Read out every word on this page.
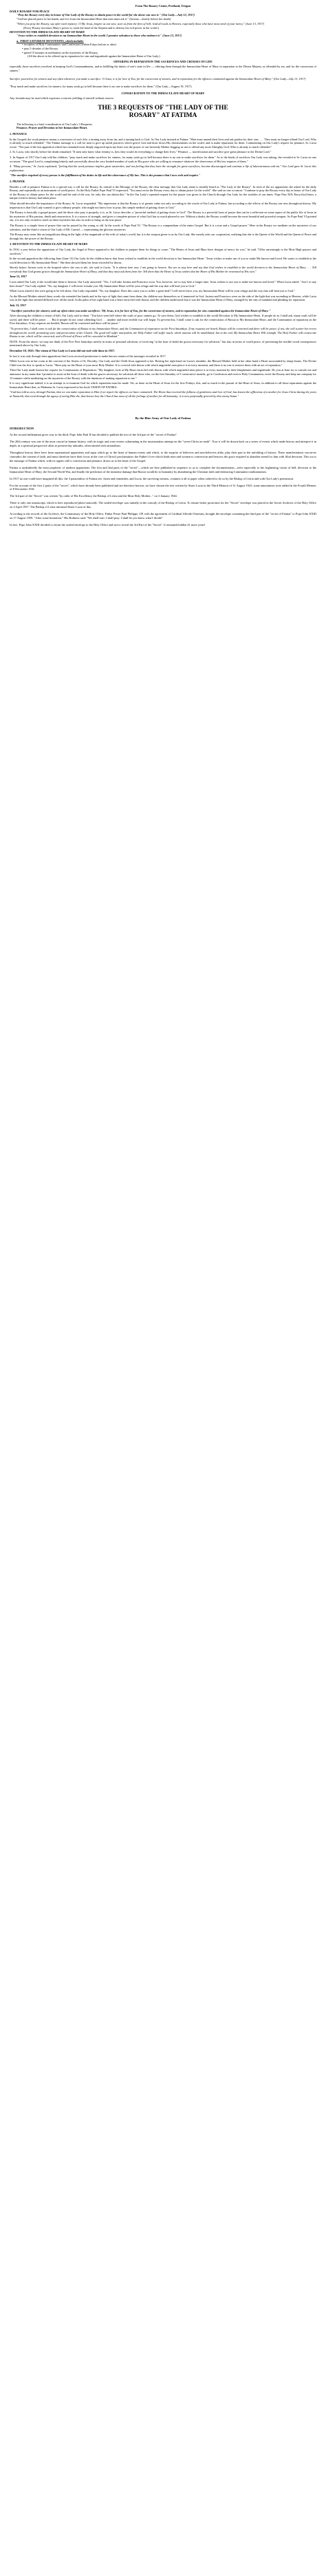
From The Rosary Center, Portland, Oregon
DAILY ROSARY FOR PEACE
"Pray the Rosary every day in honor of Our Lady of the Rosary to obtain peace in the world for she alone can save it." (Our Lady—July 13, 1917)
"God has placed peace in her hands, and it is from the Immaculate Heart that men must ask it." (Jacinta—shortly before her death)
"When you pray the Rosary, say after each mystery: O My Jesus, forgive us our sins; save us from the fires of hell; lead all souls to Heaven, especially those who have most need of your mercy." (June 13, 1917)
(Every Rosary increases Mary's power to crush the head of the Serpent and to destroy his evil power in the world.)
DEVOTION TO THE IMMACULATE HEART OF MARY
"Jesus wishes to establish devotion to my Immaculate Heart in the world. I promise salvation to those who embrace it." (June 13, 1917)
a.  FIRST SATURDAY DEVOTIONS, which include:
• reception of Holy Communion; and Confession (within 8 days before or after)
• pray 5 decades of the Rosary
• spend 15 minutes in meditation on the mysteries of the Rosary,
(All the above to be offered up in reparation for sins and ingratitude against the Immaculate Heart of Our Lady.)
OFFERING IN REPARATION THE SACRIFICES AND CROSSES OF LIFE
especially those sacrifices involved in keeping God's Commandments, and in fulfilling the duties of one's state in life — offering them through the Immaculate Heart of Mary in reparation to the Divine Majesty as offended by sin, and for the conversion of sinners."
Sacrifice yourselves for sinners and say often whenever you make a sacrifice: O Jesus, it is for love of You, for the conversion of sinners, and in reparation for the offences committed against the Immaculate Heart of Mary." (Our Lady—July 13, 1917)
"Pray much and make sacrifices for sinners; for many souls go to hell because there is no one to make sacrifices for them." (Our Lady—August 19, 1917)
CONSECRATION TO THE IMMACULATE HEART OF MARY
Any formula may be used which expresses a sincere yielding of oneself without reserve.
THE 3 REQUESTS OF "THE LADY OF THE
ROSARY" AT FATIMA
The following is a brief consideration of Our Lady's 3 Requests:
Penance, Prayer and Devotion to her Immaculate Heart.
1. PENANCE
In the Gospels the word penance means a conversion of one's life, a turning away from sin, and a turning back to God. As Our Lady insisted at Fatima: "Men must amend their lives and ask pardon for their sins. . . . They must no longer offend Our Lord, Who is already so much offended." The Fatima message is a call for men to give up sinful practices which grieve God and draw down His chastisements on the world, and to make reparation for them. Commenting on Our Lady's request for penance, Sr. Lucia wrote: "The part of the last apparition which has remained most deeply engraved upon my heart was the prayer of our heavenly Mother begging us not to offend any more Almighty God, Who is already so much offended."
2. Sr. Lucia, who shortly before her death remarked: "If men only knew what eternity is, how they would do everything to change their lives." Penance — mortification and sacrifice give great pleasure to the Divine Lord."
3. In August of 1917 Our Lady told the children, "pray much and make sacrifices for sinners, for many souls go to hell because there is no one to make sacrifices for them." As to the kinds of sacrifices Our Lady was asking, she revealed to Sr. Lucia on one occasion: "The good Lord is complaining bitterly and sorrowfully about the very limited number of souls in His grace who are willing to renounce whatever the observance of His law requires of them."
4. "Many persons," Sr. Lucia explained, "feeling that the word penance implies great austerities, and not feeling that they have the strength for great sacrifices, become discouraged and continue a life of lukewarmness and sin." Our Lord gave Sr. Lucia this explanation:
"The sacrifice required of every person is the fulfillment of his duties in life and the observance of My law. This is the penance that I now seek and require."
2. PRAYER
Besides a call to penance Fatima is in a special way a call for the Rosary. Its central is the Message of the Rosary, the clear message that Our Lady alone is steadily heard as "The Lady of the Rosary". In each of the six apparitions she asked for the daily Rosary, and repeatedly as an instrument of world peace. As the Holy Father Pope Paul VI expressed, "You must recite the Rosary every day to obtain peace for the world". She said on one occasion: "Continue to pray the Rosary every day in honor of Our Lady of the Rosary to obtain peace for the world and the end of the war, for only she can obtain this." In the Our Lady's repeated request for the prayer was given to the Church through Our Lady for the troubles of our times. Pope Pius XII's Encyclical letter, a unique event in history had taken place.
What should describe the importance of the Rosary, Sr. Lucia responded: "My impression is that the Rosary is of greater value not only according to the words of Our Lady at Fatima, but according to the effects of the Rosary one sees throughout history. My impression is that Our Lady wanted to give ordinary people, who might not know how to pray, this simple method of getting closer to God."
The Rosary is basically a gospel prayer, and the those who pray it properly, it is, as St. Lucia describe, a "powerful method of getting closer to God". The Rosary is a powerful form of prayer that can be a reflection on some aspect of the public life of Jesus in his mysteries of His passion, death and resurrection. It is a source of strength, and gives a complete picture of what God has so much pleased to see. Without a doubt, the Rosary would become the most beautiful and powerful weapon. As Pope Paul VI pointed out, it is not only recited to teach us these mysteries but also in order to bring us the true peace.
The Rosary is a simple form of prayer that can be prayed by the young or old. In the words of Pope Paul VI: "The Rosary is a compendium of the entire Gospel. But it is a true and a Gospel prayer." Here in the Rosary we meditate on the mysteries of our salvation, and the third a vision of Our Lady of Mt. Carmel — representing the glorious mysteries.
The Rosary may seem like an insignificant thing in the light of the magnitude of the evils of today's world, but it is the weapon given to us by Our Lady. She merely asks our cooperation, realizing that she is the Queen of the World and the Queen of Peace and through her, the power of the Rosary.
3. DEVOTION TO THE IMMACULATE HEART OF MARY
In 1916, a year before the apparitions of Our Lady, the Angel of Peace appeared to the children to prepare them for things to come: "The Hearts of Jesus and Mary have designs of mercy for you," he said. "Offer unceasingly to the Most High prayers and sacrifices."
In the second apparition the following June (June 13) Our Lady let the children know that Jesus wished to establish in the world devotion to her Immaculate Heart. "Jesus wishes to make use of you to make Me known and loved. He wants to establish in the world devotion to My Immaculate Heart." She then showed them her heart encircled by thorns.
Shortly before Jacinta went to the hospital where she was to die, she said to Lucia: "It is almost time now. I am going to heaven. You are to stay here and say that God wishes to establish in the world devotion to the Immaculate Heart of Mary . . . Tell everybody that God grants graces through the Immaculate Heart of Mary, and that they must ask them from her. Tell them that the Heart of Jesus wishes that the Heart of His Mother be venerated as His own."
June 13, 1917
Lucia asked Our Lady if she would take them to heaven. Our Lady answered: "Yes. I will take Jacinta and Francisco soon. You, however, are to stay here a longer time. Jesus wishes to use you to make me known and loved." When Lucia asked, "Am I to stay here alone?" Our Lady replied: "No, my daughter. I will never forsake you. My Immaculate Heart will be your refuge and the way that will lead you to God."
When Lucia asked if she were going to be left alone, Our Lady responded: "No, my daughter. Does this cause you to suffer a great deal? I will never leave you, my Immaculate Heart will be your refuge and the way that will lead you to God."
As the Blessed Mother uttered these words she extended her hands and in the rays of light that came from them, the children saw themselves as if immersed in God. Jacinta and Francisco were on the side of the light that was ascending to Heaven, while Lucia was in the light that seemed diffused over all the earth. In the palm of her right hand was a heart encircled with thorns, and the children understood that it was the Immaculate Heart of Mary, outraged by the sins of mankind and pleading for reparation.
July 13, 1917
"Sacrifice yourselves for sinners; and say often when you make sacrifices: 'My Jesus, it is for love of You, for the conversion of sinners, and in reparation for sins committed against the Immaculate Heart of Mary.'"
After showing the children a vision of hell, Our Lady said to them: "You have seen hell where the souls of poor sinners go. To save them, God wishes to establish in the world Devotion to My Immaculate Heart. If people do as I shall ask, many souls will be saved, and there will be peace. . . . But if people do not cease offending God . . . another and more terrible war will begin. To prevent this, I shall come to ask for the consecration of Russia to My Immaculate Heart, and the Communion of reparation on the First Saturdays. If my requests are heeded, Russia will be converted and there will be peace."
"To prevent this, I shall come to ask for the consecration of Russia to my Immaculate Heart, and the Communion of reparation on the First Saturdays. If my requests are heard, Russia will be converted and there will be peace; if not, she will scatter her errors throughout the world, promoting wars and persecution of the Church. The good will suffer martyrdom, the Holy Father will suffer much, whole nations will be annihilated, but in the end, My Immaculate Heart Will triumph. The Holy Father will consecrate Russia to me, which will be converted, and a Period of Peace will be conceded to Mankind."
NOTE: From the above, we may not think of the Five First Saturdays merely in terms of personal salvation, of receiving "at the hour of death the graces necessary for salvation," but also in terms of world peace, of preventing the terrible social consequences mentioned above by Our Lady.
December 10, 1925: The vision of Our Lady to Lucia did not end with those in 1917.
In fact it was only through later apparitions that Lucia received permission to make known certain of the messages revealed in 1917.
While Lucia was in her room at the convent of the Sisters of St. Dorothy, Our Lady and the Child Jesus appeared to her. Resting her right hand on Lucia's shoulder, the Blessed Mother held in her other hand a Heart surrounded by sharp thorns. The Divine Child was the first to speak to Lucia: "Have pity on the Heart of your most Holy Mother. It is covered with thorns with which ungrateful men pierce it at every moment, and there is no one to remove them with an act of reparation."
Then Our Lady made known her request for Communions of Reparation: "My daughter, look at My Heart encircled with thorns with which ungrateful men pierce it at every moment by their blasphemies and ingratitude. Do you at least try to console me and announce in my name that I promise to assist at the hour of death with the graces necessary for salvation all those who, on the first Saturday of 5 consecutive months, go to Confession and receive Holy Communion, recite the Rosary and keep me company for 15 minutes while meditating on the mysteries of the Rosary with the intention of making reparation to me."
It is very significant indeed, it is an attempt to re-examine God for which reparation must be made. Yet, as done in the Heart of Jesus for the first Fridays, this, and so much in the pursuit of the Heart of Jesus, in addition to all those reparations against the Immaculate Heart that, as Madonna Sr. Lucia expressed in her book VISION OF FATIMA:
"God has told us now, through Fatima, that we can make reparation to Him if we repair the offences we have committed. The Heart that received the fullness of gentleness and love of God, has known the afflictions of a mother for Jesus Christ during the years at Nazareth, that went through the agony of seeing Him die, that knows how the Church has most of all the feelings of mother for all humanity; it is now profoundly grieved by this enemy Satan."
By the Blue Army of Our Lady of Fatima
INTRODUCTION
As the second millennium gives way to the third, Pope John Paul II has decided to publish the text of the 3rd part of the "secret of Fatima".
The 20th century was one of the most crucial in human history, with its tragic and wars events culminating in the assassination attempt on the "sweet Christ on earth". Now it will be drawn back on a series of events which made history and interpret it in depth, in a spiritual perspective alien to present-day attitudes, often tainted with rationalism.
Throughout history there have been supernatural apparitions and signs which go to the heart of human events and which, to the surprise of believers and non-believers alike, play their part in the unfolding of history. These manifestations can never contradict the content of faith, and must therefore have their focus in the core of Christ's proclamation: the Father's love which leads men and women to conversion and bestows the grace required to abandon oneself to him with filial devotion. This too is the message of Fatima which, with its urgent call to conversion and penance, draws us to the heart of the Gospel.
Fatima is undoubtedly the most prophetic of modern apparitions. The first and 2nd parts of the "secret"—which are here published in sequence so as to complete the documentation—refer especially to the frightening vision of hell, devotion to the Immaculate Heart of Mary, the Second World War, and finally the prediction of the immense damage that Russia would do to humanity by abandoning the Christian faith and embracing Communist totalitarianism.
In 1917 no one could have imagined all this: the 3 pastorinhos of Fatima see, listen and remember, and Lucia, the surviving witness, commits it all to paper when ordered to do so by the Bishop of Leiria and with Our Lady's permission.
For the account of the first 2 parts of the "secret", which have already been published and are therefore known, we have chosen the text written by Sister Lucia in the Third Memoir of 31 August 1941; some annotations were added in the Fourth Memoir of 8 December 1941.
The 3rd part of the "Secret" was written "by order of His Excellency the Bishop of Leiria and the Most Holy Mother..." on 3 January 1944.
There is only one manuscript, which is here reproduced photo-statically. The sealed envelope was initially in the custody of the Bishop of Leiria. To ensure better protection for the "Secret" envelope was placed in the Secret Archives of the Holy Office on 4 April 1957. The Bishop of Leiria informed Sister Lucia of this.
According to the records of the Archives, the Commissary of the Holy Office, Father Pierre Paul Philippe, OP, with the agreement of Cardinal Alfredo Ottaviani, brought the envelope containing the third part of the "secret of Fatima" to Pope John XXIII on 17 August 1959. "After some hesitation," His Holiness said: "We shall wait. I shall pray. I shall let you know what I decide"
In fact, Pope John XXIII decided to return the sealed envelope to the Holy Office and not to reveal the 3rd Part of the "Secret". It remained hidden 41 more years!
